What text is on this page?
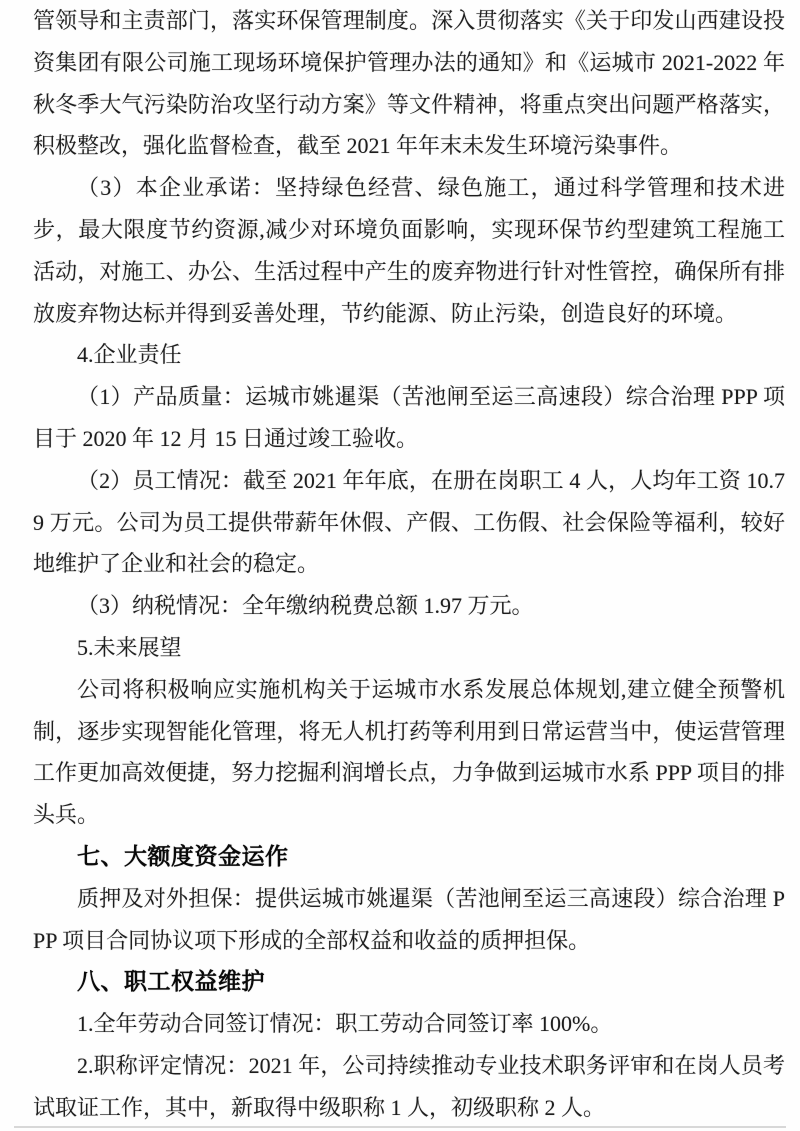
管领导和主责部门，落实环保管理制度。深入贯彻落实《关于印发山西建设投资集团有限公司施工现场环境保护管理办法的通知》和《运城市 2021-2022 年秋冬季大气污染防治攻坚行动方案》等文件精神，将重点突出问题严格落实，积极整改，强化监督检查，截至 2021 年年末未发生环境污染事件。

（3）本企业承诺：坚持绿色经营、绿色施工，通过科学管理和技术进步，最大限度节约资源,减少对环境负面影响，实现环保节约型建筑工程施工活动，对施工、办公、生活过程中产生的废弃物进行针对性管控，确保所有排放废弃物达标并得到妥善处理，节约能源、防止污染，创造良好的环境。

4.企业责任

（1）产品质量：运城市姚暹渠（苦池闸至运三高速段）综合治理 PPP 项目于 2020 年 12 月 15 日通过竣工验收。

（2）员工情况：截至 2021 年年底，在册在岗职工 4 人，人均年工资 10.79 万元。公司为员工提供带薪年休假、产假、工伤假、社会保险等福利，较好地维护了企业和社会的稳定。

（3）纳税情况：全年缴纳税费总额 1.97 万元。

5.未来展望

公司将积极响应实施机构关于运城市水系发展总体规划,建立健全预警机制，逐步实现智能化管理，将无人机打药等利用到日常运营当中，使运营管理工作更加高效便捷，努力挖掘利润增长点，力争做到运城市水系 PPP 项目的排头兵。

七、大额度资金运作

质押及对外担保：提供运城市姚暹渠（苦池闸至运三高速段）综合治理 PPP 项目合同协议项下形成的全部权益和收益的质押担保。

八、职工权益维护

1.全年劳动合同签订情况：职工劳动合同签订率 100%。

2.职称评定情况：2021 年，公司持续推动专业技术职务评审和在岗人员考试取证工作，其中，新取得中级职称 1 人，初级职称 2 人。
